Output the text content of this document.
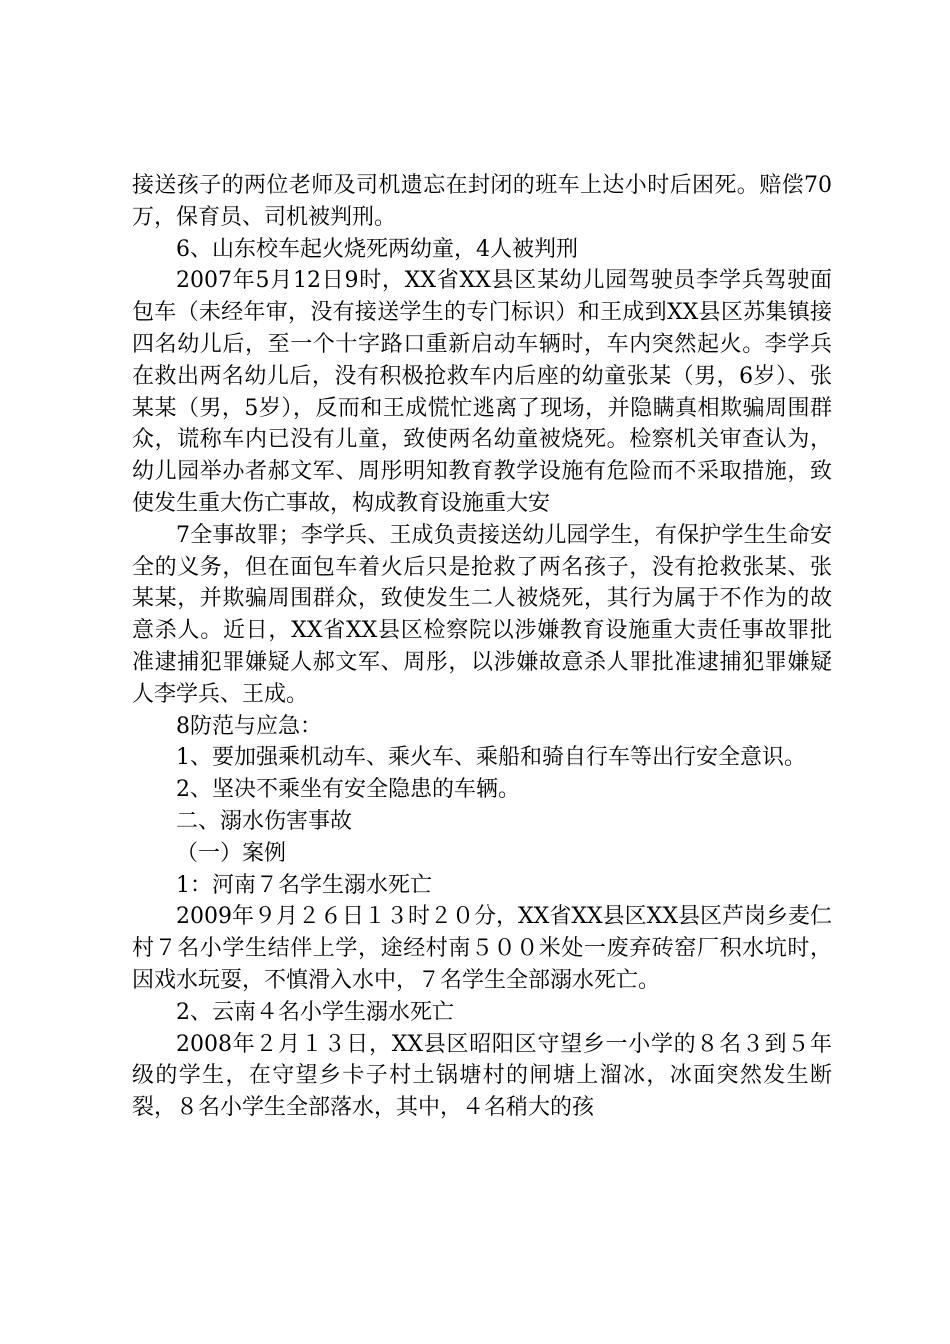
接送孩子的两位老师及司机遗忘在封闭的班车上达小时后困死。赔偿70万，保育员、司机被判刑。

6、山东校车起火烧死两幼童，4人被判刑

2007年5月12日9时，XX省XX县区某幼儿园驾驶员李学兵驾驶面包车（未经年审，没有接送学生的专门标识）和王成到XX县区苏集镇接四名幼儿后，至一个十字路口重新启动车辆时，车内突然起火。李学兵在救出两名幼儿后，没有积极抢救车内后座的幼童张某（男，6岁）、张某某（男，5岁），反而和王成慌忙逃离了现场，并隐瞒真相欺骗周围群众，谎称车内已没有儿童，致使两名幼童被烧死。检察机关审查认为，幼儿园举办者郝文军、周彤明知教育教学设施有危险而不采取措施，致使发生重大伤亡事故，构成教育设施重大安

7全事故罪；李学兵、王成负责接送幼儿园学生，有保护学生生命安全的义务，但在面包车着火后只是抢救了两名孩子，没有抢救张某、张某某，并欺骗周围群众，致使发生二人被烧死，其行为属于不作为的故意杀人。近日，XX省XX县区检察院以涉嫌教育设施重大责任事故罪批准逮捕犯罪嫌疑人郝文军、周彤，以涉嫌故意杀人罪批准逮捕犯罪嫌疑人李学兵、王成。

8防范与应急：

1、要加强乘机动车、乘火车、乘船和骑自行车等出行安全意识。

2、坚决不乘坐有安全隐患的车辆。

二、溺水伤害事故

（一）案例

1：河南７名学生溺水死亡

2009年９月２６日１３时２０分，XX省XX县区XX县区芦岗乡麦仁村７名小学生结伴上学，途经村南５００米处一废弃砖窑厂积水坑时，因戏水玩耍，不慎滑入水中，７名学生全部溺水死亡。

2、云南４名小学生溺水死亡

2008年２月１３日，XX县区昭阳区守望乡一小学的８名３到５年级的学生，在守望乡卡子村土锅塘村的闸塘上溜冰，冰面突然发生断裂，８名小学生全部落水，其中，４名稍大的孩
